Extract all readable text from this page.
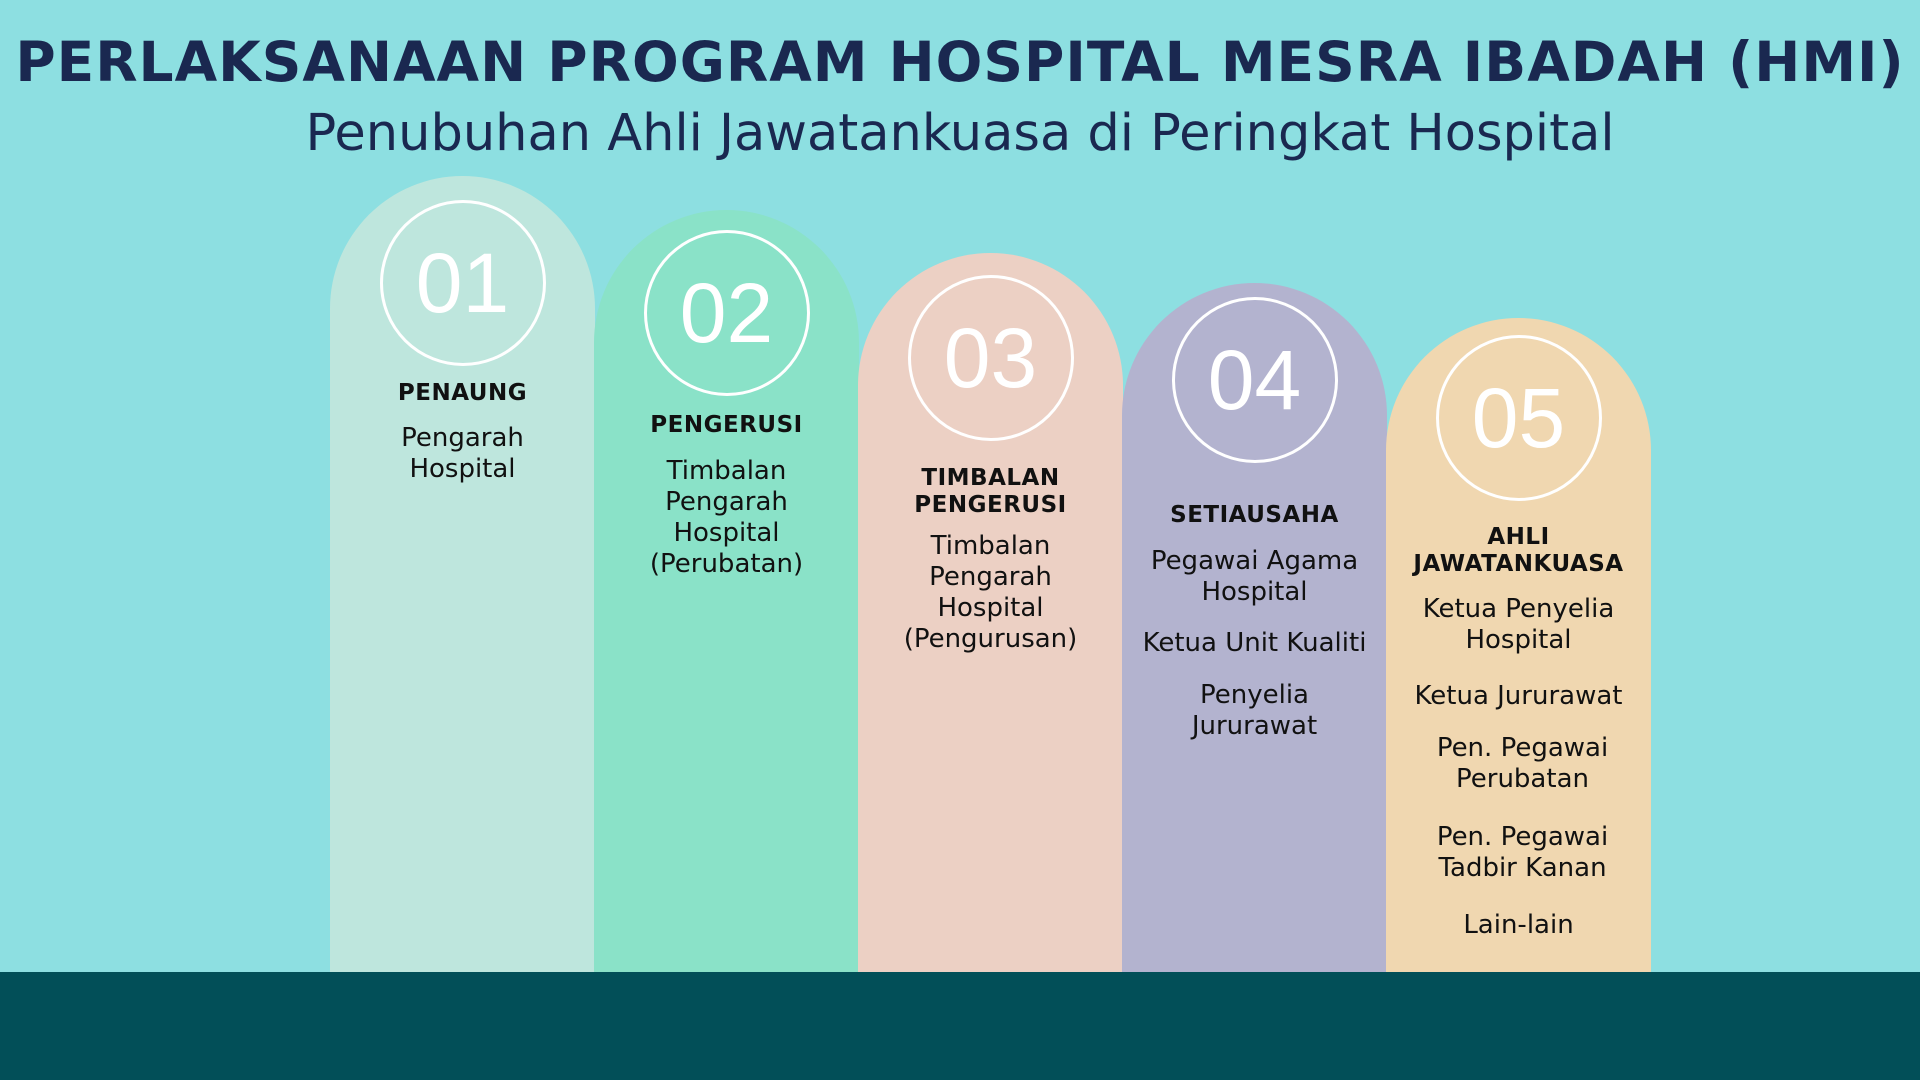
PERLAKSANAAN PROGRAM HOSPITAL MESRA IBADAH (HMI)
Penubuhan Ahli Jawatankuasa di Peringkat Hospital
01

PENAUNG

Pengarah
Hospital

02

PENGERUSI

Timbalan
Pengarah
Hospital
(Perubatan)

03

TIMBALAN
PENGERUSI

Timbalan
Pengarah
Hospital
(Pengurusan)

04

SETIAUSAHA

Pegawai Agama
Hospital

Ketua Unit Kualiti

Penyelia
Jururawat

05

AHLI
JAWATANKUASA

Ketua Penyelia
Hospital

Ketua Jururawat

Pen. Pegawai
Perubatan

Pen. Pegawai
Tadbir Kanan

Lain-lain
